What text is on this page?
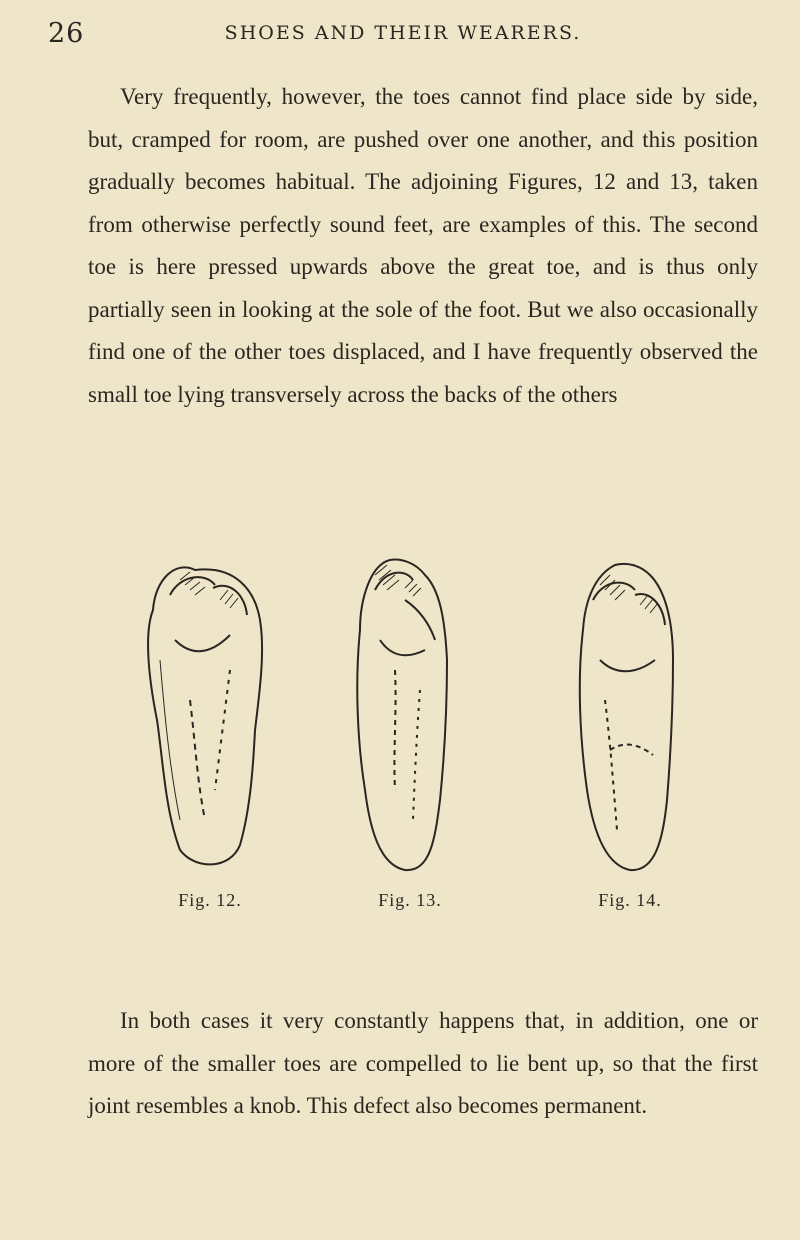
26	SHOES AND THEIR WEARERS.

Very frequently, however, the toes cannot find place side by side, but, cramped for room, are pushed over one another, and this position gradually becomes habitual. The adjoining Figures, 12 and 13, taken from otherwise perfectly sound feet, are examples of this. The second toe is here pressed upwards above the great toe, and is thus only partially seen in looking at the sole of the foot. But we also occasionally find one of the other toes displaced, and I have frequently observed the small toe lying transversely across the backs of the others

Fig. 12.	Fig. 13.	Fig. 14.

In both cases it very constantly happens that, in addition, one or more of the smaller toes are compelled to lie bent up, so that the first joint resembles a knob. This defect also becomes permanent.
